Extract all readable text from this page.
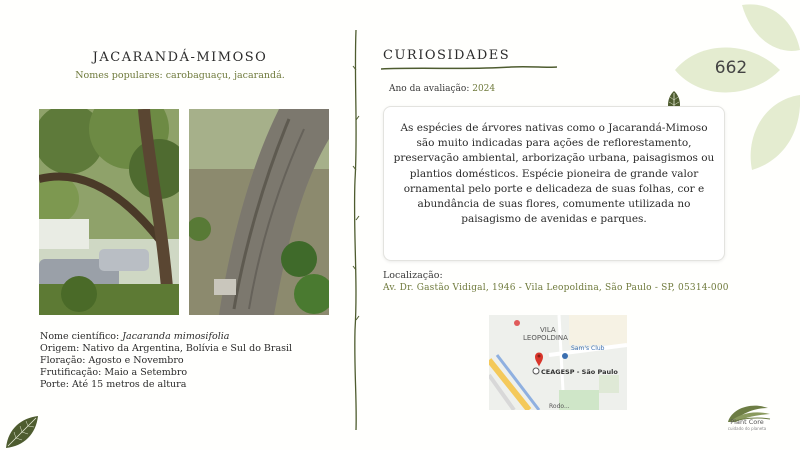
662
JACARANDÁ-MIMOSO
Nomes populares: carobaguaçu, jacarandá.
Nome científico: Jacaranda mimosifolia
Origem: Nativo da Argentina, Bolívia e Sul do Brasil
Floração: Agosto e Novembro
Frutificação: Maio a Setembro
Porte: Até 15 metros de altura
CURIOSIDADES
Ano da avaliação: 2024
As espécies de árvores nativas como o Jacarandá-Mimoso são muito indicadas para ações de reflorestamento, preservação ambiental, arborização urbana, paisagismos ou plantios domésticos. Espécie pioneira de grande valor ornamental pelo porte e delicadeza de suas folhas, cor e abundância de suas flores, comumente utilizada no paisagismo de avenidas e parques.
Localização:
Av. Dr. Gastão Vidigal, 1946 - Vila Leopoldina, São Paulo - SP, 05314-000
VILA
LEOPOLDINA
Sam's Club
CEAGESP - São Paulo
Rodo...
Plant Core
cuidado do planeta
